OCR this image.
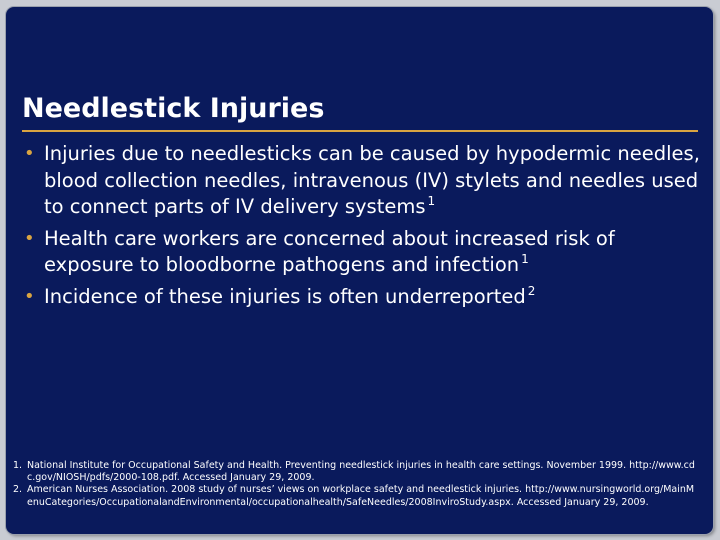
Needlestick Injuries
• Injuries due to needlesticks can be caused by hypodermic needles, blood collection needles, intravenous (IV) stylets and needles used to connect parts of IV delivery systems $^1$
• Health care workers are concerned about increased risk of exposure to bloodborne pathogens and infection $^1$
• Incidence of these injuries is often underreported $^2$
1. National Institute for Occupational Safety and Health. Preventing needlestick injuries in health care settings. November 1999. http://www.cdc.gov/NIOSH/pdfs/2000-108.pdf. Accessed January 29, 2009.
2. American Nurses Association. 2008 study of nurses’ views on workplace safety and needlestick injuries. http://www.nursingworld.org/MainMenuCategories/OccupationalandEnvironmental/occupationalhealth/SafeNeedles/2008InviroStudy.aspx. Accessed January 29, 2009.
